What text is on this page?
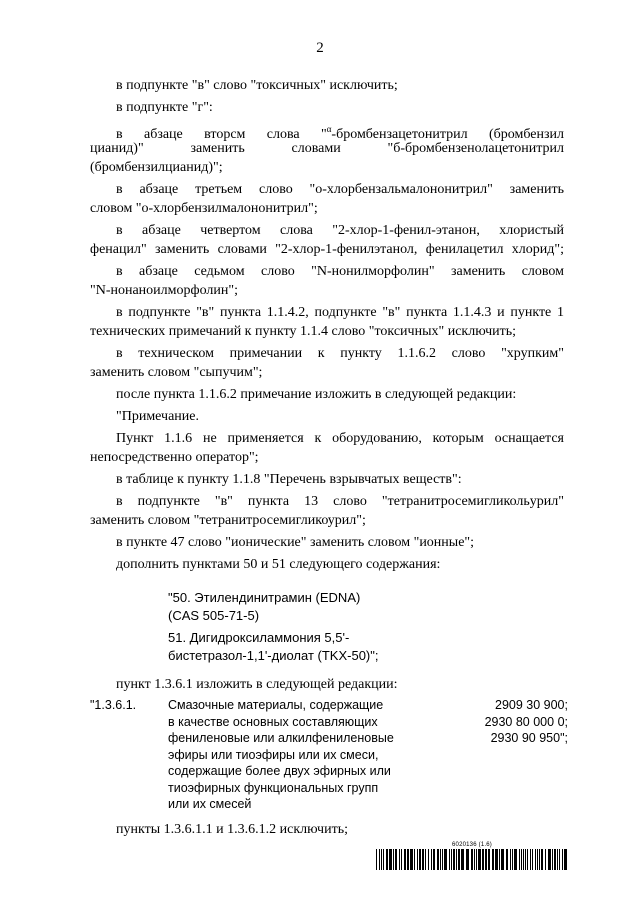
2
в подпункте "в" слово "токсичных" исключить;
в подпункте "г":
в абзаце вторсм слова "$^\alpha$-бромбензацетонитрил (бромбензил
цианид)" заменить словами "б-бромбензенолацетонитрил
(бромбензилцианид)";
в абзаце третьем слово "о-хлорбензальмалононитрил" заменить
словом "о-хлорбензилмалононитрил";
в абзаце четвертом слова "2-хлор-1-фенил-этанон, хлористый
фенацил" заменить словами "2-хлор-1-фенилэтанол, фенилацетил хлорид";
в абзаце седьмом слово "N-нонилморфолин" заменить словом
"N-нонаноилморфолин";
в подпункте "в" пункта 1.1.4.2, подпункте "в" пункта 1.1.4.3 и пункте 1
технических примечаний к пункту 1.1.4 слово "токсичных" исключить;
в техническом примечании к пункту 1.1.6.2 слово "хрупким"
заменить словом "сыпучим";
после пункта 1.1.6.2 примечание изложить в следующей редакции:
"Примечание.
Пункт 1.1.6 не применяется к оборудованию, которым оснащается
непосредственно оператор";
в таблице к пункту 1.1.8 "Перечень взрывчатых веществ":
в подпункте "в" пункта 13 слово "тетранитросемигликольурил"
заменить словом "тетранитросемигликоурил";
в пункте 47 слово "ионические" заменить словом "ионные";
дополнить пунктами 50 и 51 следующего содержания:
"50. Этилендинитрамин (EDNA)
(CAS 505-71-5)
51. Дигидроксиламмония 5,5'-
бистетразол-1,1'-диолат (TKX-50)";
пункт 1.3.6.1 изложить в следующей редакции:
"1.3.6.1.	Смазочные материалы, содержащие
в качестве основных составляющих
фениленовые или алкилфениленовые
эфиры или тиоэфиры или их смеси,
содержащие более двух эфирных или
тиоэфирных функциональных групп
или их смесей
2909 30 900;
2930 80 000 0;
2930 90 950";
пункты 1.3.6.1.1 и 1.3.6.1.2 исключить;
6020136 (1.6)
